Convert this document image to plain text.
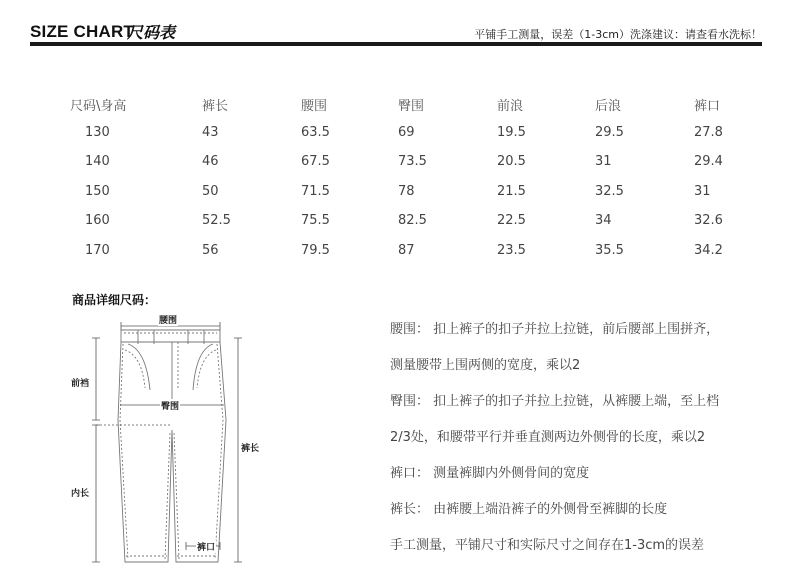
SIZE CHART
尺码表	平铺手工测量，误差（1-3cm）洗涤建议：请查看水洗标！
尺码\身高	裤长	腰围	臀围	前浪	后浪	裤口
130	43	63.5	69	19.5	29.5	27.8
140	46	67.5	73.5	20.5	31	29.4
150	50	71.5	78	21.5	32.5	31
160	52.5	75.5	82.5	22.5	34	32.6
170	56	79.5	87	23.5	35.5	34.2
商品详细尺码：
腰围
前裆
臀围
裤长
内长
裤口
腰围： 扣上裤子的扣子并拉上拉链，前后腰部上围拼齐，
测量腰带上围两侧的宽度，乘以2
臀围： 扣上裤子的扣子并拉上拉链，从裤腰上端，至上档
2/3处，和腰带平行并垂直测两边外侧骨的长度，乘以2
裤口： 测量裤脚内外侧骨间的宽度
裤长： 由裤腰上端沿裤子的外侧骨至裤脚的长度
手工测量，平铺尺寸和实际尺寸之间存在1-3cm的误差
